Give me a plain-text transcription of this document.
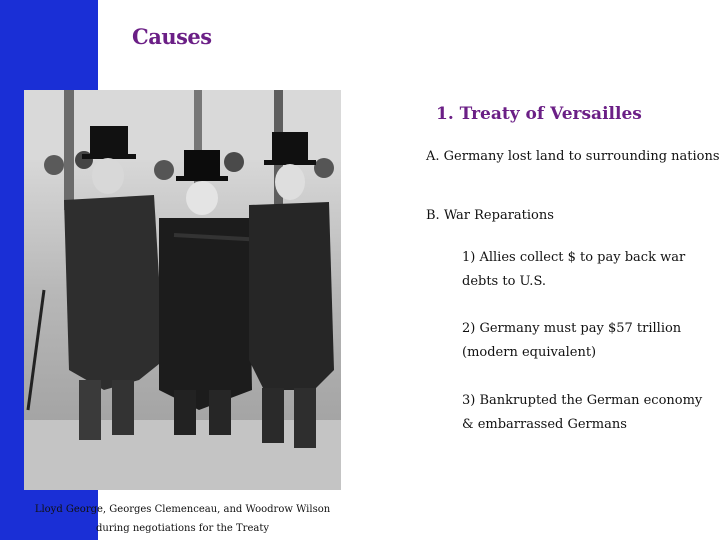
Causes
Lloyd George, Georges Clemenceau, and Woodrow Wilson
during negotiations for the Treaty
1. Treaty of Versailles
A. Germany lost land to surrounding nations
B. War Reparations
1) Allies collect $ to pay back war debts to U.S.
2) Germany must pay $57 trillion (modern equivalent)
3) Bankrupted the German economy & embarrassed Germans
